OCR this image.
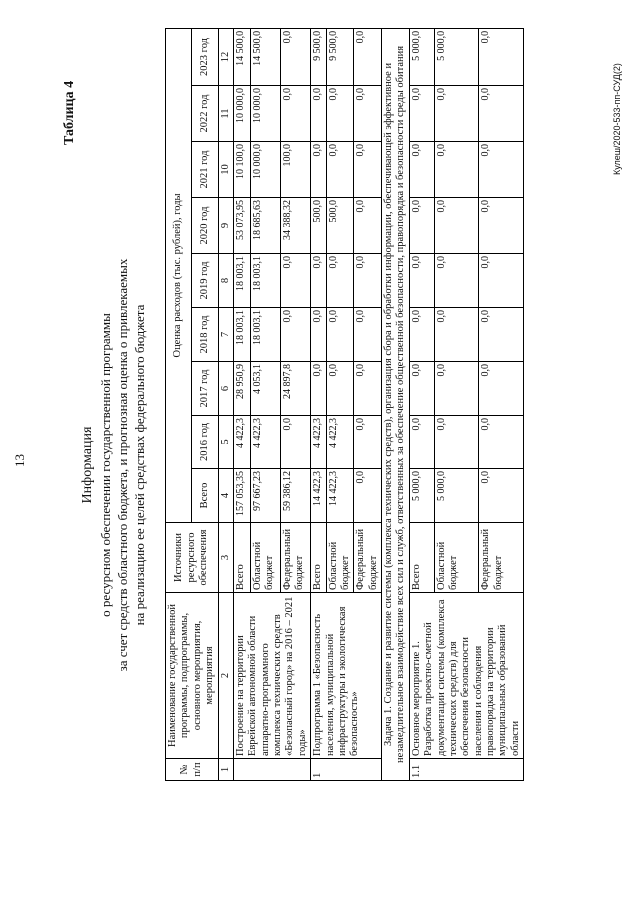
13
Таблица 4
Информация о ресурсном обеспечении государственной программы за счет средств областного бюджета, и прогнозная оценка о привлекаемых на реализацию ее целей средствах федерального бюджета
№ п/п	Наименование государственной программы, подпрограммы, основного мероприятия, мероприятия	Источники ресурсного обеспечения	Оценка расходов (тыс. рублей), годы								
			Всего	2016 год	2017 год	2018 год	2019 год	2020 год	2021 год	2022 год	2023 год
1	2	3	4	5	6	7	8	9	10	11	12
	Построение на территории Еврейской автономной области аппаратно-программного комплекса технических средств «Безопасный город» на 2016 – 2021 годы»	Всего	157 053,35	4 422,3	28 950,9	18 003,1	18 003,1	53 073,95	10 100,0	10 000,0	14 500,0
		Областной бюджет	97 667,23	4 422,3	4 053,1	18 003,1	18 003,1	18 685,63	10 000,0	10 000,0	14 500,0
		Федеральный бюджет	59 386,12	0,0	24 897,8	0,0	0,0	34 388,32	100,0	0,0	0,0
1	Подпрограмма 1 «Безопасность населения, муниципальной инфраструктуры и экологическая безопасность»	Всего	14 422,3	4 422,3	0,0	0,0	0,0	500,0	0,0	0,0	9 500,0
		Областной бюджет	14 422,3	4 422,3	0,0	0,0	0,0	500,0	0,0	0,0	9 500,0
		Федеральный бюджет	0,0	0,0	0,0	0,0	0,0	0,0	0,0	0,0	0,0
Задача 1. Создание и развитие системы (комплекса технических средств), организация сбора и обработки информации, обеспечивающей эффективное и незамедлительное взаимодействие всех сил и служб, ответственных за обеспечение общественной безопасности, правопорядка и безопасности среды обитания											
1.1	Основное мероприятие 1. Разработка проектно-сметной документации системы (комплекса технических средств) для обеспечения безопасности населения и соблюдения правопорядка на территории муниципальных образований области	Всего	5 000,0	0,0	0,0	0,0	0,0	0,0	0,0	0,0	5 000,0
		Областной бюджет	5 000,0	0,0	0,0	0,0	0,0	0,0	0,0	0,0	5 000,0
		Федеральный бюджет	0,0	0,0	0,0	0,0	0,0	0,0	0,0	0,0	0,0
Кулеш/2020-533-пп-СУД(2)
